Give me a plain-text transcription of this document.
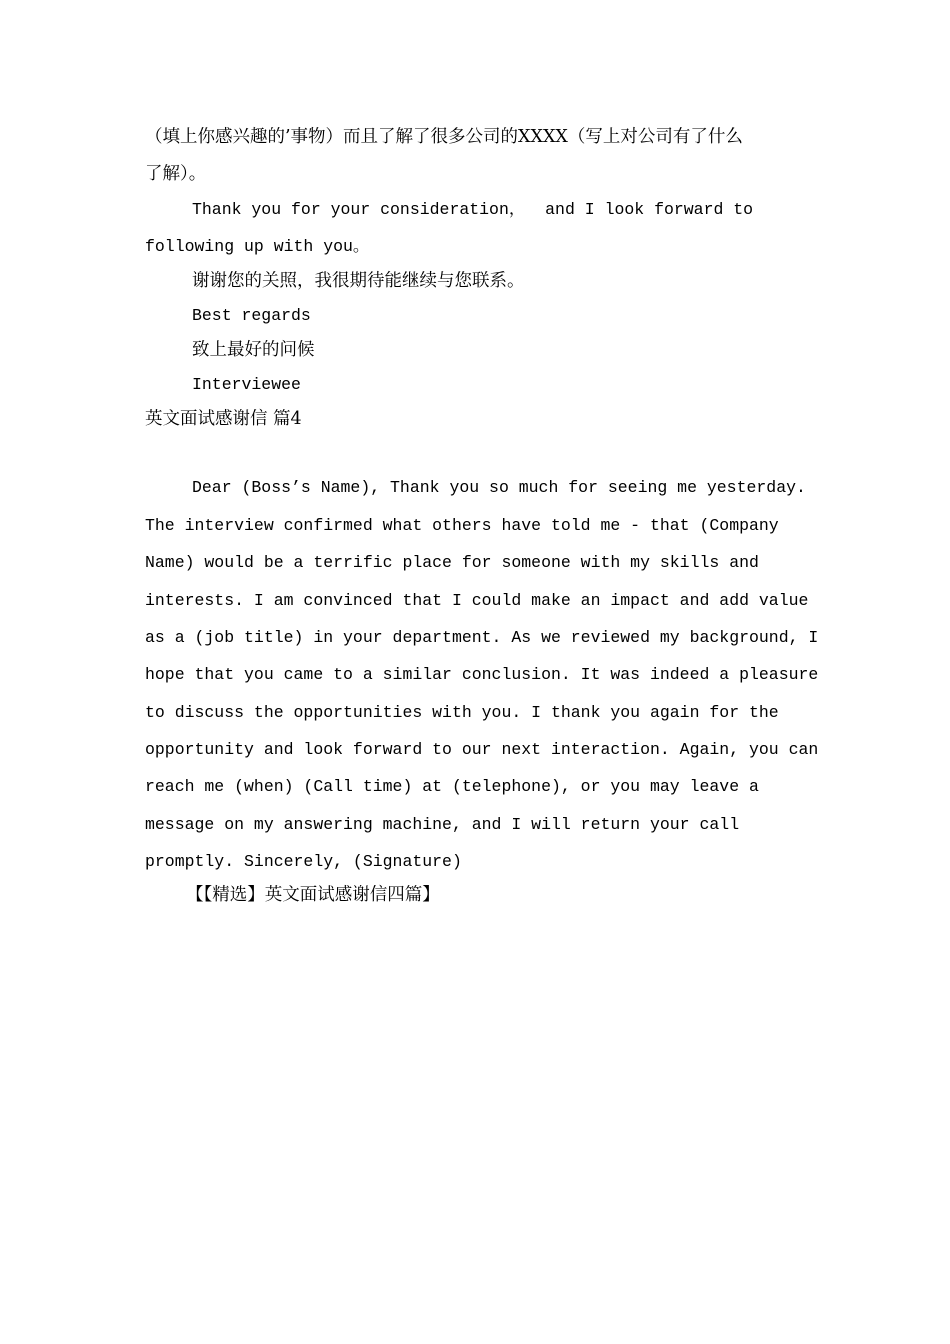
（填上你感兴趣的’事物）而且了解了很多公司的XXXX（写上对公司有了什么
了解）。
Thank you for your consideration，  and I look forward to
following up with you。
谢谢您的关照，我很期待能继续与您联系。
Best regards
致上最好的问候
Interviewee
英文面试感谢信 篇4
Dear (Boss’s Name), Thank you so much for seeing me yesterday.
The interview confirmed what others have told me - that (Company
Name) would be a terrific place for someone with my skills and
interests. I am convinced that I could make an impact and add value
as a (job title) in your department. As we reviewed my background, I
hope that you came to a similar conclusion. It was indeed a pleasure
to discuss the opportunities with you. I thank you again for the
opportunity and look forward to our next interaction. Again, you can
reach me (when) (Call time) at (telephone), or you may leave a
message on my answering machine, and I will return your call
promptly. Sincerely, (Signature)
【【精选】英文面试感谢信四篇】
